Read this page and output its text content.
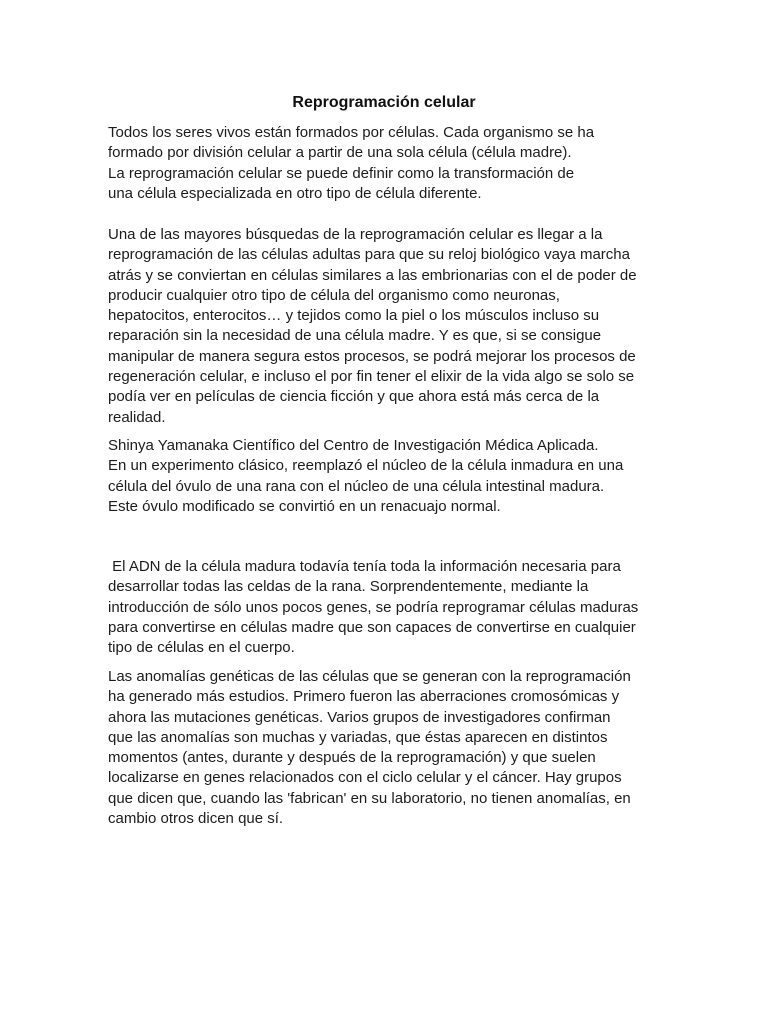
Reprogramación celular
Todos los seres vivos están formados por células. Cada organismo se ha
formado por división celular a partir de una sola célula (célula madre).
La reprogramación celular se puede definir como la transformación de
una célula especializada en otro tipo de célula diferente.
Una de las mayores búsquedas de la reprogramación celular es llegar a la
reprogramación de las células adultas para que su reloj biológico vaya marcha
atrás y se conviertan en células similares a las embrionarias con el de poder de
producir cualquier otro tipo de célula del organismo como neuronas,
hepatocitos, enterocitos… y tejidos como la piel o los músculos incluso su
reparación sin la necesidad de una célula madre. Y es que, si se consigue
manipular de manera segura estos procesos, se podrá mejorar los procesos de
regeneración celular, e incluso el por fin tener el elixir de la vida algo se solo se
podía ver en películas de ciencia ficción y que ahora está más cerca de la
realidad.
Shinya Yamanaka Científico del Centro de Investigación Médica Aplicada.
En un experimento clásico, reemplazó el núcleo de la célula inmadura en una
célula del óvulo de una rana con el núcleo de una célula intestinal madura.
Este óvulo modificado se convirtió en un renacuajo normal.
El ADN de la célula madura todavía tenía toda la información necesaria para
desarrollar todas las celdas de la rana. Sorprendentemente, mediante la
introducción de sólo unos pocos genes, se podría reprogramar células maduras
para convertirse en células madre que son capaces de convertirse en cualquier
tipo de células en el cuerpo.
Las anomalías genéticas de las células que se generan con la reprogramación
ha generado más estudios. Primero fueron las aberraciones cromosómicas y
ahora las mutaciones genéticas. Varios grupos de investigadores confirman
que las anomalías son muchas y variadas, que éstas aparecen en distintos
momentos (antes, durante y después de la reprogramación) y que suelen
localizarse en genes relacionados con el ciclo celular y el cáncer. Hay grupos
que dicen que, cuando las 'fabrican' en su laboratorio, no tienen anomalías, en
cambio otros dicen que sí.
